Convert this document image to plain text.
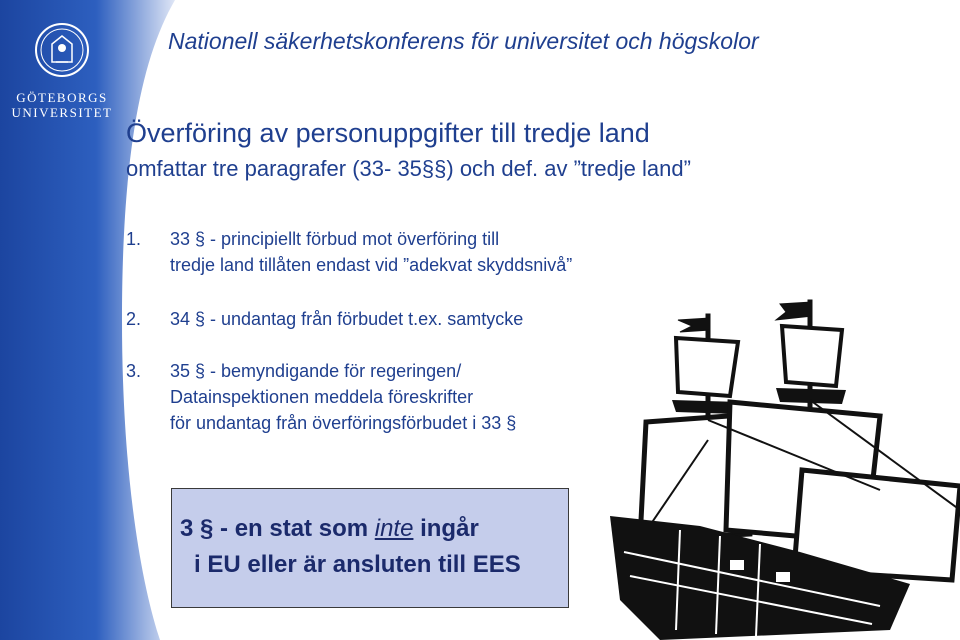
GÖTEBORGS
UNIVERSITET
Nationell säkerhetskonferens för universitet och högskolor
Överföring av personuppgifter till tredje land
omfattar tre paragrafer (33- 35§§) och def. av ”tredje land”
1. 33 § - principiellt förbud mot överföring till
tredje land tillåten endast vid ”adekvat skyddsnivå”
2. 34 § - undantag från förbudet t.ex. samtycke
3. 35 § - bemyndigande för regeringen/
Datainspektionen meddela föreskrifter
för undantag från överföringsförbudet i 33 §
3 § - en stat som inte ingår
i EU eller är ansluten till EES
